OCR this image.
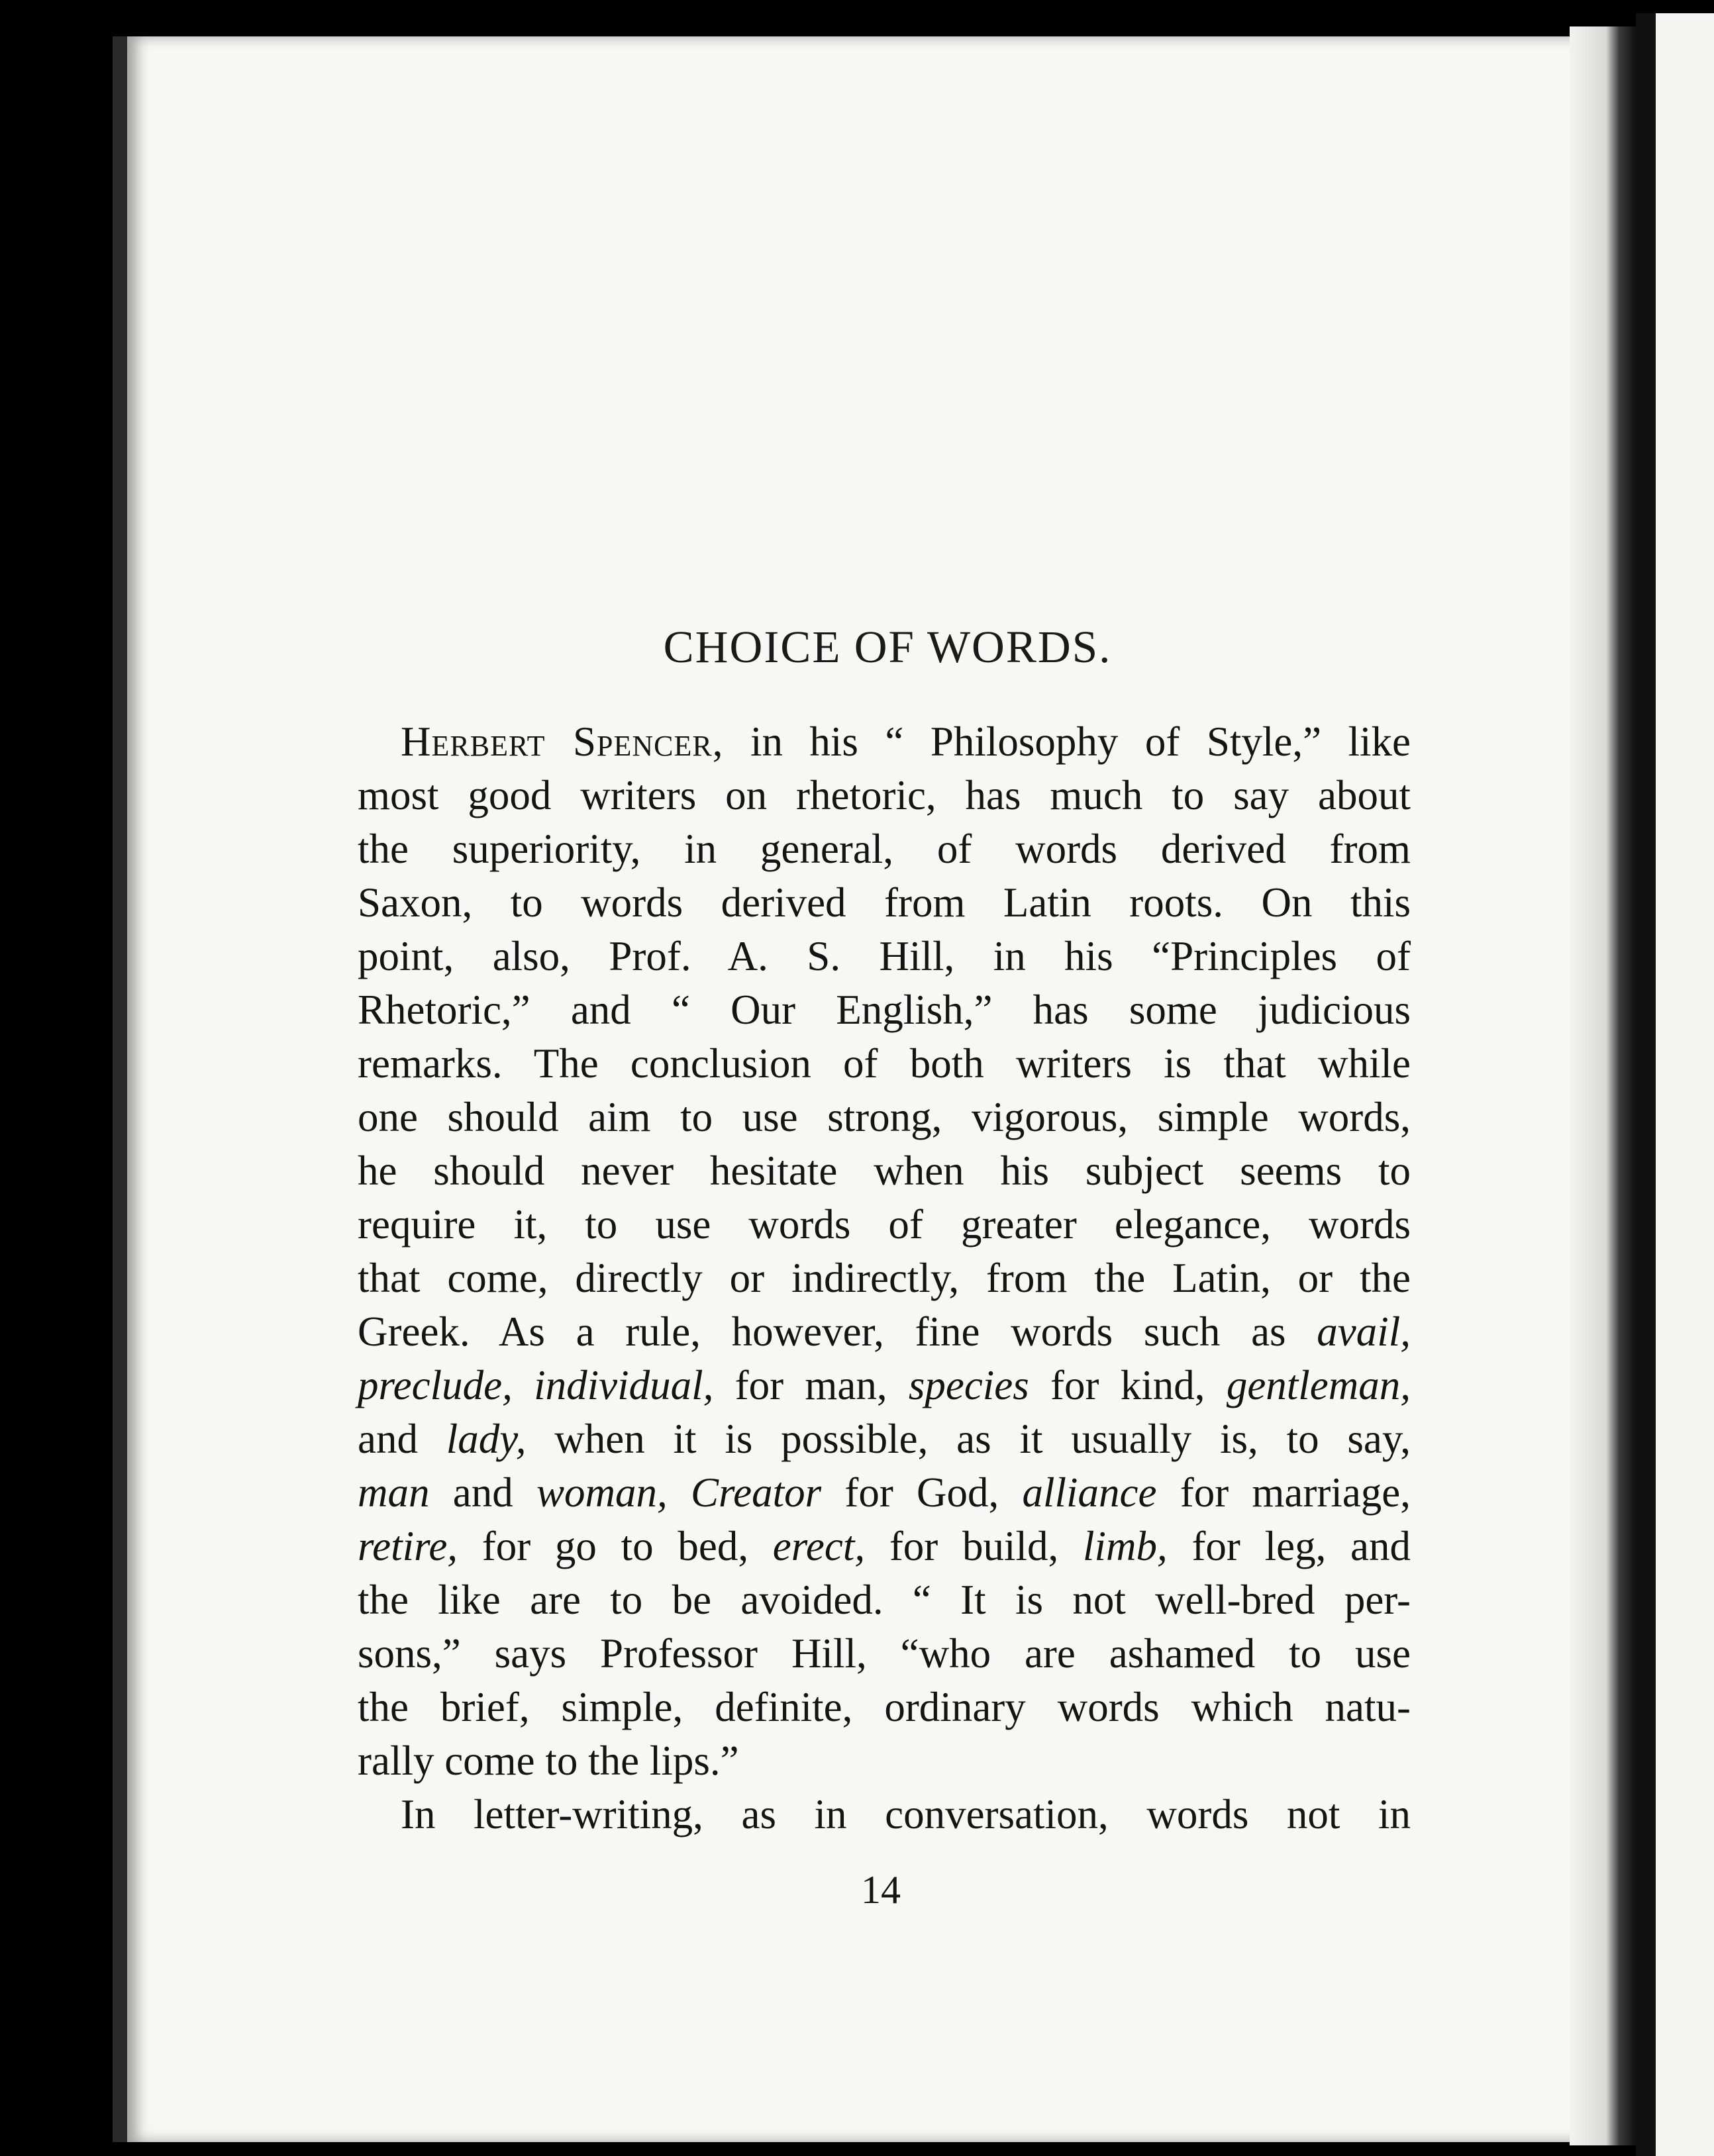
CHOICE OF WORDS.
Herbert Spencer, in his “ Philosophy of Style,” like
most good writers on rhetoric, has much to say about
the superiority, in general, of words derived from
Saxon, to words derived from Latin roots. On this
point, also, Prof. A. S. Hill, in his “Principles of
Rhetoric,” and “ Our English,” has some judicious
remarks. The conclusion of both writers is that while
one should aim to use strong, vigorous, simple words,
he should never hesitate when his subject seems to
require it, to use words of greater elegance, words
that come, directly or indirectly, from the Latin, or the
Greek. As a rule, however, fine words such as avail,
preclude, individual, for man, species for kind, gentleman,
and lady, when it is possible, as it usually is, to say,
man and woman, Creator for God, alliance for marriage,
retire, for go to bed, erect, for build, limb, for leg, and
the like are to be avoided. “ It is not well-bred per-
sons,” says Professor Hill, “who are ashamed to use
the brief, simple, definite, ordinary words which natu-
rally come to the lips.”
In letter-writing, as in conversation, words not in
14
